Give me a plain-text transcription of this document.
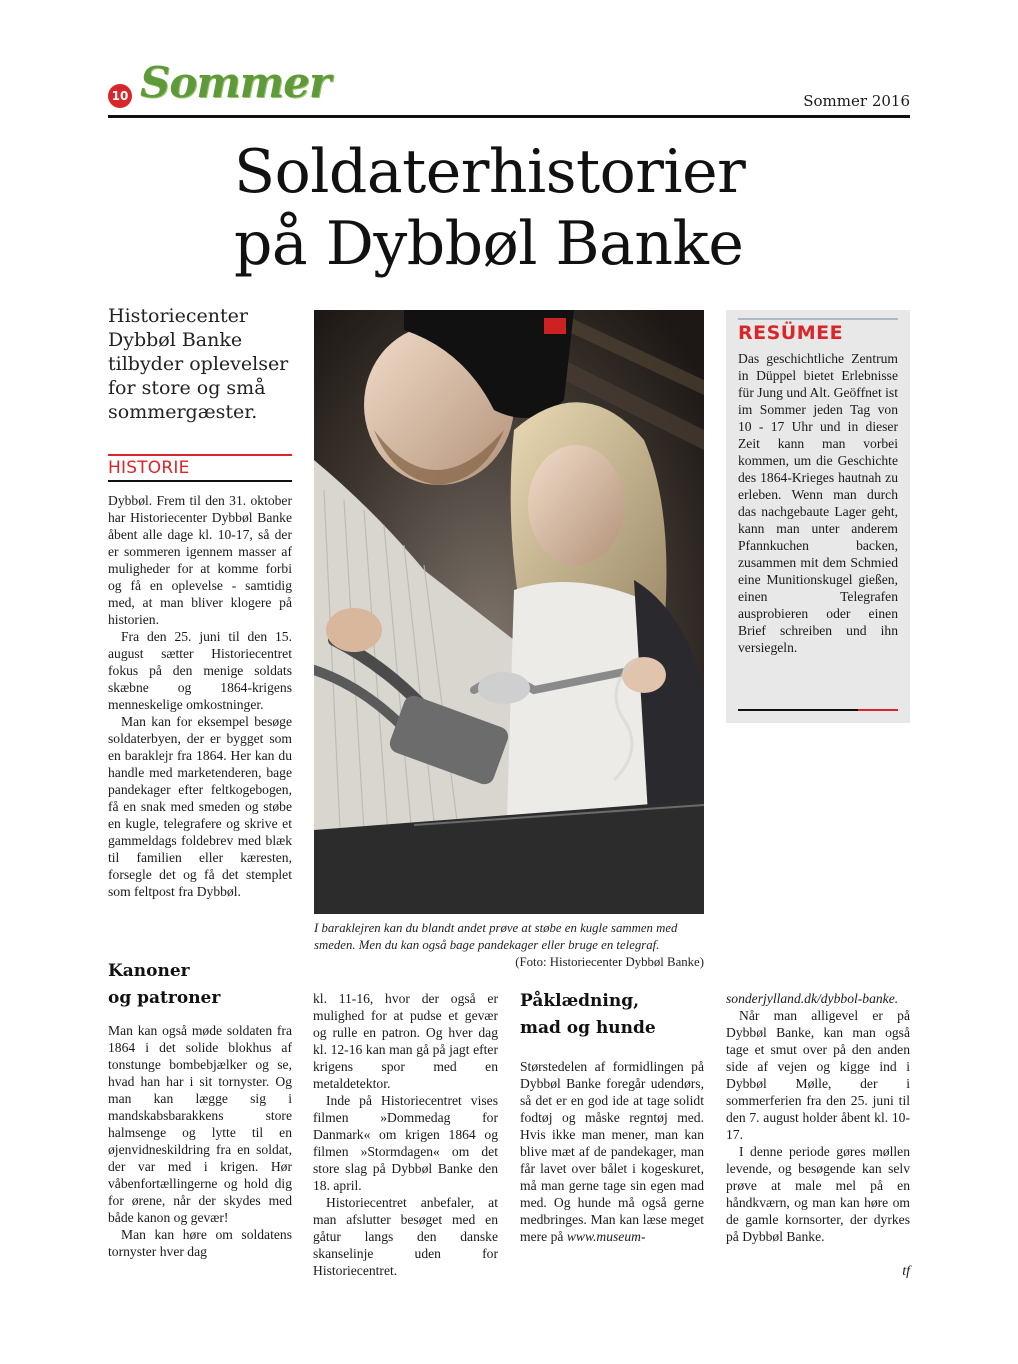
10 Sommer	Sommer 2016
Soldaterhistorier
på Dybbøl Banke
Historiecenter Dybbøl Banke tilbyder oplevelser for store og små sommergæster.
HISTORIE

Dybbøl. Frem til den 31. oktober har Historiecenter Dybbøl Banke åbent alle dage kl. 10-17, så der er sommeren igennem masser af muligheder for at komme forbi og få en oplevelse - samtidig med, at man bliver klogere på historien.

Fra den 25. juni til den 15. august sætter Historiecentret fokus på den menige soldats skæbne og 1864-krigens menneskelige omkostninger.

Man kan for eksempel besøge soldaterbyen, der er bygget som en baraklejr fra 1864. Her kan du handle med marketenderen, bage pandekager efter feltkogebogen, få en snak med smeden og støbe en kugle, telegrafere og skrive et gammeldags foldebrev med blæk til familien eller kæresten, forsegle det og få det stemplet som feltpost fra Dybbøl.

Kanoner
og patroner

Man kan også møde soldaten fra 1864 i det solide blokhus af tonstunge bombebjælker og se, hvad han har i sit tornyster. Og man kan lægge sig i mandskabsbarakkens store halmsenge og lytte til en øjenvidneskildring fra en soldat, der var med i krigen. Hør våbenfortællingerne og hold dig for ørene, når der skydes med både kanon og gevær!

Man kan høre om soldatens tornyster hver dag

kl. 11-16, hvor der også er mulighed for at pudse et gevær og rulle en patron. Og hver dag kl. 12-16 kan man gå på jagt efter krigens spor med en metaldetektor.

Inde på Historiecentret vises filmen »Dommedag for Danmark« om krigen 1864 og filmen »Stormdagen« om det store slag på Dybbøl Banke den 18. april.

Historiecentret anbefaler, at man afslutter besøget med en gåtur langs den danske skanselinje uden for Historiecentret.

Påklædning,
mad og hunde

Størstedelen af formidlingen på Dybbøl Banke foregår udendørs, så det er en god ide at tage solidt fodtøj og måske regntøj med. Hvis ikke man mener, man kan blive mæt af de pandekager, man får lavet over bålet i kogeskuret, må man gerne tage sin egen mad med. Og hunde må også gerne medbringes. Man kan læse meget mere på www.museum-

sonderjylland.dk/dybbol-banke.

Når man alligevel er på Dybbøl Banke, kan man også tage et smut over på den anden side af vejen og kigge ind i Dybbøl Mølle, der i sommerferien fra den 25. juni til den 7. august holder åbent kl. 10-17.

I denne periode gøres møllen levende, og besøgende kan selv prøve at male mel på en håndkværn, og man kan høre om de gamle kornsorter, der dyrkes på Dybbøl Banke.

tf
I baraklejren kan du blandt andet prøve at støbe en kugle sammen med smeden. Men du kan også bage pandekager eller bruge en telegraf.
(Foto: Historiecenter Dybbøl Banke)
RESÜMEE
Das geschichtliche Zentrum in Düppel bietet Erlebnisse für Jung und Alt. Geöffnet ist im Sommer jeden Tag von 10 - 17 Uhr und in dieser Zeit kann man vorbei kommen, um die Geschichte des 1864-Krieges hautnah zu erleben. Wenn man durch das nachgebaute Lager geht, kann man unter anderem Pfannkuchen backen, zusammen mit dem Schmied eine Munitionskugel gießen, einen Telegrafen ausprobieren oder einen Brief schreiben und ihn versiegeln.
